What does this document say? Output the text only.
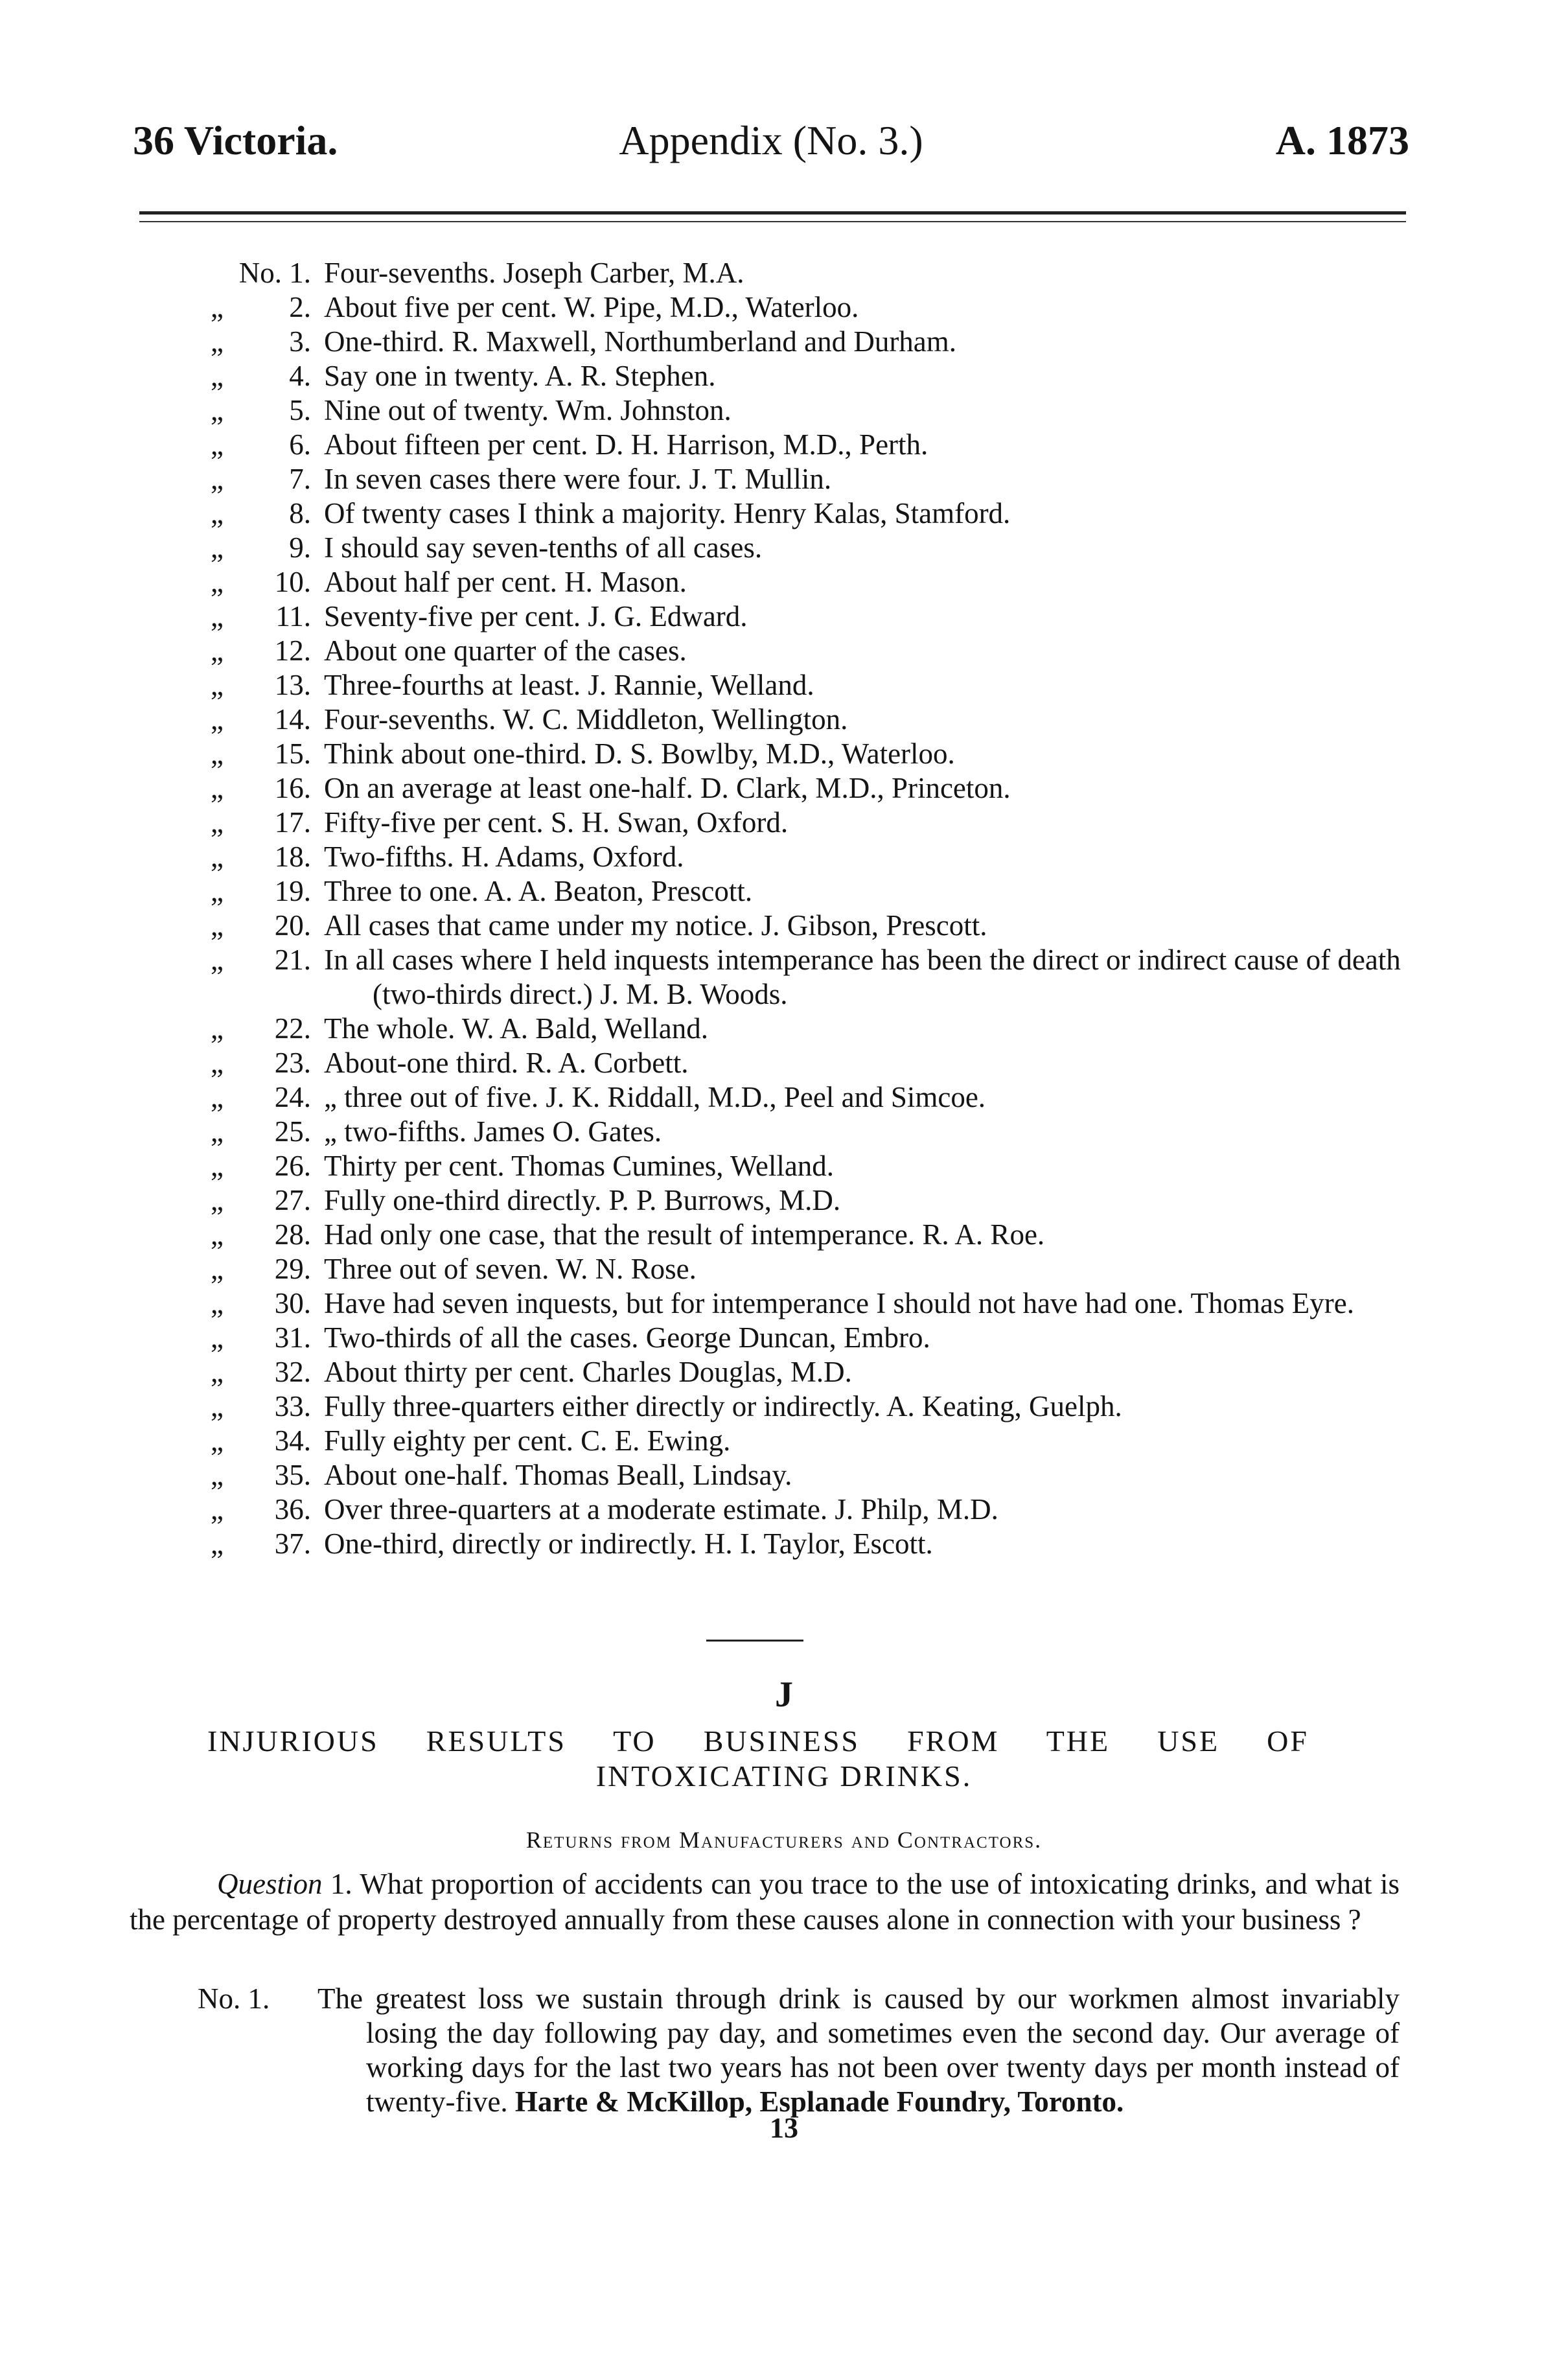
Appendix (No. 3.)
36 Victoria.	A. 1873
No. 1. Four-sevenths. Joseph Carber, M.A.
„	2. About five per cent. W. Pipe, M.D., Waterloo.
„	3. One-third. R. Maxwell, Northumberland and Durham.
„	4. Say one in twenty. A. R. Stephen.
„	5. Nine out of twenty. Wm. Johnston.
„	6. About fifteen per cent. D. H. Harrison, M.D., Perth.
„	7. In seven cases there were four. J. T. Mullin.
„	8. Of twenty cases I think a majority. Henry Kalas, Stamford.
„	9. I should say seven-tenths of all cases.
„	10. About half per cent. H. Mason.
„	11. Seventy-five per cent. J. G. Edward.
„	12. About one quarter of the cases.
„	13. Three-fourths at least. J. Rannie, Welland.
„	14. Four-sevenths. W. C. Middleton, Wellington.
„	15. Think about one-third. D. S. Bowlby, M.D., Waterloo.
„	16. On an average at least one-half. D. Clark, M.D., Princeton.
„	17. Fifty-five per cent. S. H. Swan, Oxford.
„	18. Two-fifths. H. Adams, Oxford.
„	19. Three to one. A. A. Beaton, Prescott.
„	20. All cases that came under my notice. J. Gibson, Prescott.
„	21. In all cases where I held inquests intemperance has been the direct or indirect cause of death (two-thirds direct.) J. M. B. Woods.
„	22. The whole. W. A. Bald, Welland.
„	23. About-one third. R. A. Corbett.
„	24. „ three out of five. J. K. Riddall, M.D., Peel and Simcoe.
„	25. „ two-fifths. James O. Gates.
„	26. Thirty per cent. Thomas Cumines, Welland.
„	27. Fully one-third directly. P. P. Burrows, M.D.
„	28. Had only one case, that the result of intemperance. R. A. Roe.
„	29. Three out of seven. W. N. Rose.
„	30. Have had seven inquests, but for intemperance I should not have had one. Thomas Eyre.
„	31. Two-thirds of all the cases. George Duncan, Embro.
„	32. About thirty per cent. Charles Douglas, M.D.
„	33. Fully three-quarters either directly or indirectly. A. Keating, Guelph.
„	34. Fully eighty per cent. C. E. Ewing.
„	35. About one-half. Thomas Beall, Lindsay.
„	36. Over three-quarters at a moderate estimate. J. Philp, M.D.
„	37. One-third, directly or indirectly. H. I. Taylor, Escott.
J
INJURIOUS RESULTS TO BUSINESS FROM THE USE OF
INTOXICATING DRINKS.
Returns from Manufacturers and Contractors.
Question 1. What proportion of accidents can you trace to the use of intoxicating drinks, and what is the percentage of property destroyed annually from these causes alone in connection with your business ?
No. 1. The greatest loss we sustain through drink is caused by our workmen almost invariably losing the day following pay day, and sometimes even the second day. Our average of working days for the last two years has not been over twenty days per month instead of twenty-five. Harte & McKillop, Esplanade Foundry, Toronto.
13
